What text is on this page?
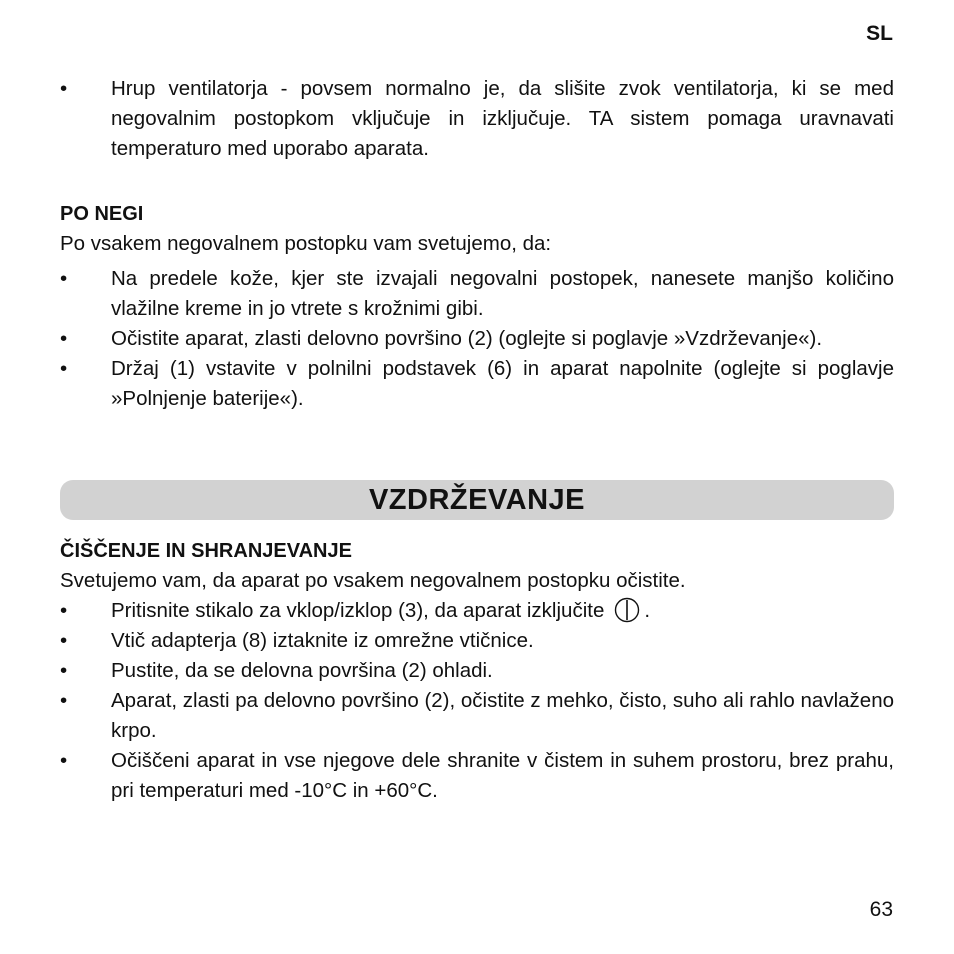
SL
• Hrup ventilatorja - povsem normalno je, da slišite zvok ventilatorja, ki se med negovalnim postopkom vključuje in izključuje. TA sistem pomaga uravnavati temperaturo med uporabo aparata.
PO NEGI

Po vsakem negovalnem postopku vam svetujemo, da:

• Na predele kože, kjer ste izvajali negovalni postopek, nanesete manjšo količino vlažilne kreme in jo vtrete s krožnimi gibi.
• Očistite aparat, zlasti delovno površino (2) (oglejte si poglavje »Vzdrževanje«).
• Držaj (1) vstavite v polnilni podstavek (6) in aparat napolnite (oglejte si poglavje »Polnjenje baterije«).
VZDRŽEVANJE
ČIŠČENJE IN SHRANJEVANJE

Svetujemo vam, da aparat po vsakem negovalnem postopku očistite.

• Pritisnite stikalo za vklop/izklop (3), da aparat izključite .
• Vtič adapterja (8) iztaknite iz omrežne vtičnice.
• Pustite, da se delovna površina (2) ohladi.
• Aparat, zlasti pa delovno površino (2), očistite z mehko, čisto, suho ali rahlo navlaženo krpo.
• Očiščeni aparat in vse njegove dele shranite v čistem in suhem prostoru, brez prahu, pri temperaturi med -10°C in +60°C.
63
